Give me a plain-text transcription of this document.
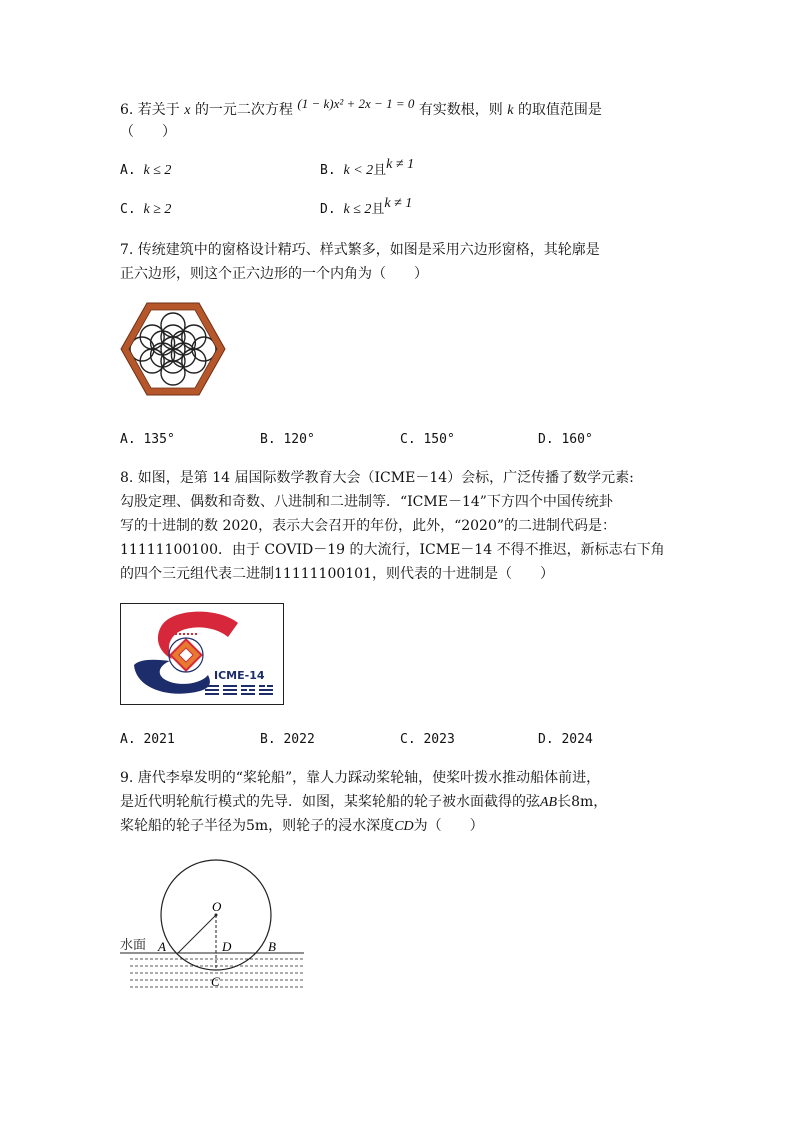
6. 若关于 x 的一元二次方程 (1 − k)x² + 2x − 1 = 0 有实数根，则 k 的取值范围是
（　　）
A. k ≤ 2	B. k < 2且k ≠ 1
C. k ≥ 2	D. k ≤ 2且k ≠ 1
7. 传统建筑中的窗格设计精巧、样式繁多，如图是采用六边形窗格，其轮廓是
正六边形，则这个正六边形的一个内角为（　　）
A. 135°	B. 120°	C. 150°	D. 160°
8. 如图，是第 14 届国际数学教育大会（ICME－14）会标，广泛传播了数学元素:
勾股定理、偶数和奇数、八进制和二进制等．“ICME－14”下方四个中国传统卦
写的十进制的数 2020，表示大会召开的年份，此外，“2020”的二进制代码是：
11111100100．由于 COVID－19 的大流行，ICME－14 不得不推迟，新标志右下角
的四个三元组代表二进制11111100101，则代表的十进制是（　　）
ICME-14
A. 2021	B. 2022	C. 2023	D. 2024
9. 唐代李皋发明的“桨轮船”，靠人力踩动桨轮轴，使桨叶拨水推动船体前进，
是近代明轮航行模式的先导．如图，某桨轮船的轮子被水面截得的弦AB长8m，
桨轮船的轮子半径为5m，则轮子的浸水深度CD为（　　）
水面
O
A	D	B
C
